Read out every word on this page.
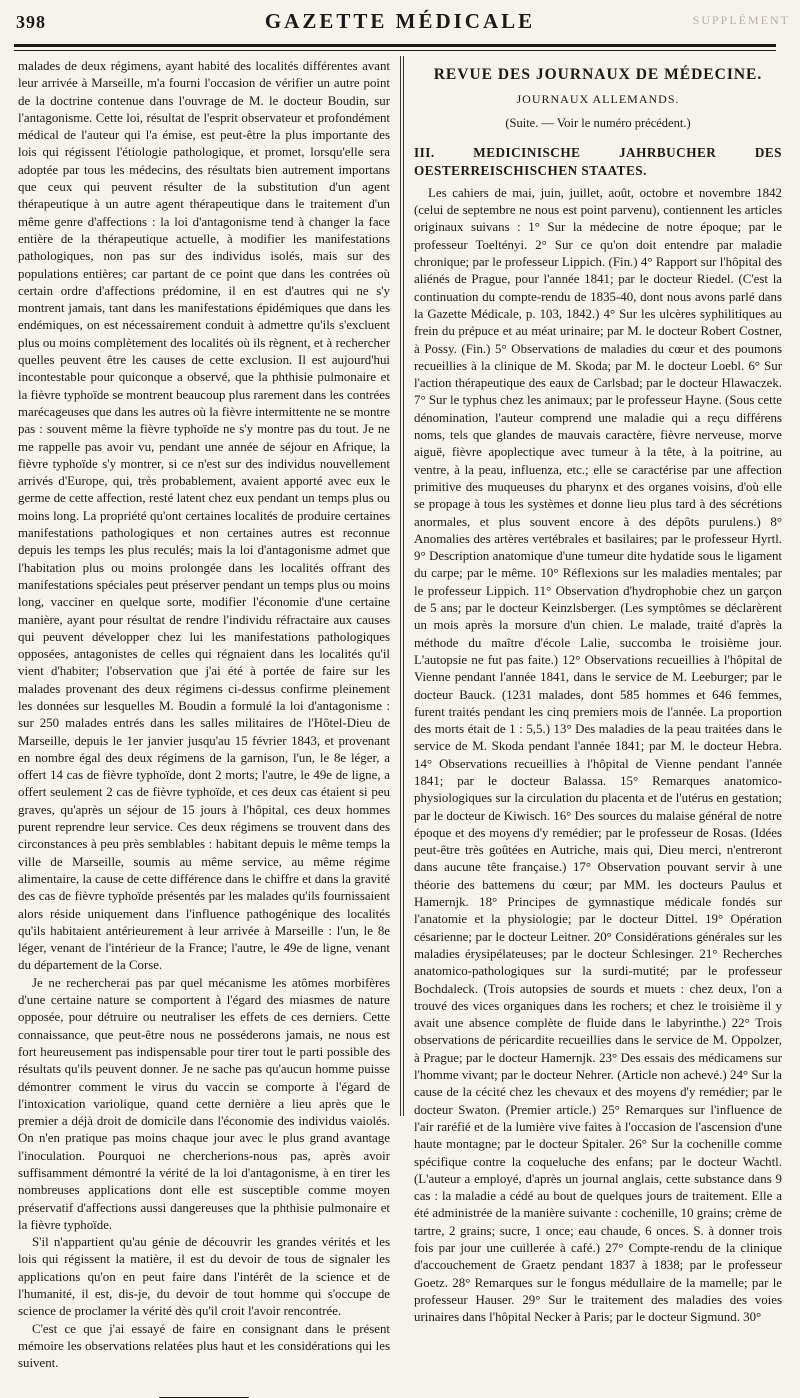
398	GAZETTE MÉDICALE	SUPPLÉMENT

malades de deux régimens, ayant habité des localités différentes avant leur arrivée à Marseille, m'a fourni l'occasion de vérifier un autre point de la doctrine contenue dans l'ouvrage de M. le docteur Boudin, sur l'antagonisme. Cette loi, résultat de l'esprit observateur et profondément médical de l'auteur qui l'a émise, est peut-être la plus importante des lois qui régissent l'étiologie pathologique, et promet, lorsqu'elle sera adoptée par tous les médecins, des résultats bien autrement importans que ceux qui peuvent résulter de la substitution d'un agent thérapeutique à un autre agent thérapeutique dans le traitement d'un même genre d'affections : la loi d'antagonisme tend à changer la face entière de la thérapeutique actuelle, à modifier les manifestations pathologiques, non pas sur des individus isolés, mais sur des populations entières; car partant de ce point que dans les contrées où certain ordre d'affections prédomine, il en est d'autres qui ne s'y montrent jamais, tant dans les manifestations épidémiques que dans les endémiques, on est nécessairement conduit à admettre qu'ils s'excluent plus ou moins complètement des localités où ils règnent, et à rechercher quelles peuvent être les causes de cette exclusion. Il est aujourd'hui incontestable pour quiconque a observé, que la phthisie pulmonaire et la fièvre typhoïde se montrent beaucoup plus rarement dans les contrées marécageuses que dans les autres où la fièvre intermittente ne se montre pas : souvent même la fièvre typhoïde ne s'y montre pas du tout. Je ne me rappelle pas avoir vu, pendant une année de séjour en Afrique, la fièvre typhoïde s'y montrer, si ce n'est sur des individus nouvellement arrivés d'Europe, qui, très probablement, avaient apporté avec eux le germe de cette affection, resté latent chez eux pendant un temps plus ou moins long. La propriété qu'ont certaines localités de produire certaines manifestations pathologiques et non certaines autres est reconnue depuis les temps les plus reculés; mais la loi d'antagonisme admet que l'habitation plus ou moins prolongée dans les localités offrant des manifestations spéciales peut préserver pendant un temps plus ou moins long, vacciner en quelque sorte, modifier l'économie d'une certaine manière, ayant pour résultat de rendre l'individu réfractaire aux causes qui peuvent développer chez lui les manifestations pathologiques opposées, antagonistes de celles qui régnaient dans les localités qu'il vient d'habiter; l'observation que j'ai été à portée de faire sur les malades provenant des deux régimens ci-dessus confirme pleinement les données sur lesquelles M. Boudin a formulé la loi d'antagonisme : sur 250 malades entrés dans les salles militaires de l'Hôtel-Dieu de Marseille, depuis le 1er janvier jusqu'au 15 février 1843, et provenant en nombre égal des deux régimens de la garnison, l'un, le 8e léger, a offert 14 cas de fièvre typhoïde, dont 2 morts; l'autre, le 49e de ligne, a offert seulement 2 cas de fièvre typhoïde, et ces deux cas étaient si peu graves, qu'après un séjour de 15 jours à l'hôpital, ces deux hommes purent reprendre leur service. Ces deux régimens se trouvent dans des circonstances à peu près semblables : habitant depuis le même temps la ville de Marseille, soumis au même service, au même régime alimentaire, la cause de cette différence dans le chiffre et dans la gravité des cas de fièvre typhoïde présentés par les malades qu'ils fournissaient alors réside uniquement dans l'influence pathogénique des localités qu'ils habitaient antérieurement à leur arrivée à Marseille : l'un, le 8e léger, venant de l'intérieur de la France; l'autre, le 49e de ligne, venant du département de la Corse.

Je ne rechercherai pas par quel mécanisme les atômes morbifères d'une certaine nature se comportent à l'égard des miasmes de nature opposée, pour détruire ou neutraliser les effets de ces derniers. Cette connaissance, que peut-être nous ne posséderons jamais, ne nous est fort heureusement pas indispensable pour tirer tout le parti possible des résultats qu'ils peuvent donner. Je ne sache pas qu'aucun homme puisse démontrer comment le virus du vaccin se comporte à l'égard de l'intoxication variolique, quand cette dernière a lieu après que le premier a déjà droit de domicile dans l'économie des individus vaiolés. On n'en pratique pas moins chaque jour avec le plus grand avantage l'inoculation. Pourquoi ne chercherions-nous pas, après avoir suffisamment démontré la vérité de la loi d'antagonisme, à en tirer les nombreuses applications dont elle est susceptible comme moyen préservatif d'affections aussi dangereuses que la phthisie pulmonaire et la fièvre typhoïde.

S'il n'appartient qu'au génie de découvrir les grandes vérités et les lois qui régissent la matière, il est du devoir de tous de signaler les applications qu'on en peut faire dans l'intérêt de la science et de l'humanité, il est, dis-je, du devoir de tout homme qui s'occupe de science de proclamer la vérité dès qu'il croit l'avoir rencontrée.

C'est ce que j'ai essayé de faire en consignant dans le présent mémoire les observations relatées plus haut et les considérations qui les suivent.

REVUE DES JOURNAUX DE MÉDECINE.
JOURNAUX ALLEMANDS.
(Suite. — Voir le numéro précédent.)
III. MEDICINISCHE JAHRBUCHER DES OESTERREISCHISCHEN STAATES.

Les cahiers de mai, juin, juillet, août, octobre et novembre 1842 (celui de septembre ne nous est point parvenu), contiennent les articles originaux suivans : 1° Sur la médecine de notre époque; par le professeur Toeltényi. 2° Sur ce qu'on doit entendre par maladie chronique; par le professeur Lippich. (Fin.) 4° Rapport sur l'hôpital des aliénés de Prague, pour l'année 1841; par le docteur Riedel. (C'est la continuation du compte-rendu de 1835-40, dont nous avons parlé dans la Gazette Médicale, p. 103, 1842.) 4° Sur les ulcères syphilitiques au frein du prépuce et au méat urinaire; par M. le docteur Robert Costner, à Possy. (Fin.) 5° Observations de maladies du cœur et des poumons recueillies à la clinique de M. Skoda; par M. le docteur Loebl. 6° Sur l'action thérapeutique des eaux de Carlsbad; par le docteur Hlawaczek. 7° Sur le typhus chez les animaux; par le professeur Hayne. (Sous cette dénomination, l'auteur comprend une maladie qui a reçu différens noms, tels que glandes de mauvais caractère, fièvre nerveuse, morve aiguë, fièvre apoplectique avec tumeur à la tête, à la poitrine, au ventre, à la peau, influenza, etc.; elle se caractérise par une affection primitive des muqueuses du pharynx et des organes voisins, d'où elle se propage à tous les systèmes et donne lieu plus tard à des sécrétions anormales, et plus souvent encore à des dépôts purulens.) 8° Anomalies des artères vertébrales et basilaires; par le professeur Hyrtl. 9° Description anatomique d'une tumeur dite hydatide sous le ligament du carpe; par le même. 10° Réflexions sur les maladies mentales; par le professeur Lippich. 11° Observation d'hydrophobie chez un garçon de 5 ans; par le docteur Keinzlsberger. (Les symptômes se déclarèrent un mois après la morsure d'un chien. Le malade, traité d'après la méthode du maître d'école Lalie, succomba le troisième jour. L'autopsie ne fut pas faite.) 12° Observations recueillies à l'hôpital de Vienne pendant l'année 1841, dans le service de M. Leeburger; par le docteur Bauck. (1231 malades, dont 585 hommes et 646 femmes, furent traités pendant les cinq premiers mois de l'année. La proportion des morts était de 1 : 5,5.) 13° Des maladies de la peau traitées dans le service de M. Skoda pendant l'année 1841; par M. le docteur Hebra. 14° Observations recueillies à l'hôpital de Vienne pendant l'année 1841; par le docteur Balassa. 15° Remarques anatomico-physiologiques sur la circulation du placenta et de l'utérus en gestation; par le docteur de Kiwisch. 16° Des sources du malaise général de notre époque et des moyens d'y remédier; par le professeur de Rosas. (Idées peut-être très goûtées en Autriche, mais qui, Dieu merci, n'entreront dans aucune tête française.) 17° Observation pouvant servir à une théorie des battemens du cœur; par MM. les docteurs Paulus et Hamernjk. 18° Principes de gymnastique médicale fondés sur l'anatomie et la physiologie; par le docteur Dittel. 19° Opération césarienne; par le docteur Leitner. 20° Considérations générales sur les maladies érysipélateuses; par le docteur Schlesinger. 21° Recherches anatomico-pathologiques sur la surdi-mutité; par le professeur Bochdaleck. (Trois autopsies de sourds et muets : chez deux, l'on a trouvé des vices organiques dans les rochers; et chez le troisième il y avait une absence complète de fluide dans le labyrinthe.) 22° Trois observations de péricardite recueillies dans le service de M. Oppolzer, à Prague; par le docteur Hamernjk. 23° Des essais des médicamens sur l'homme vivant; par le docteur Nehrer. (Article non achevé.) 24° Sur la cause de la cécité chez les chevaux et des moyens d'y remédier; par le docteur Swaton. (Premier article.) 25° Remarques sur l'influence de l'air raréfié et de la lumière vive faites à l'occasion de l'ascension d'une haute montagne; par le docteur Spitaler. 26° Sur la cochenille comme spécifique contre la coqueluche des enfans; par le docteur Wachtl. (L'auteur a employé, d'après un journal anglais, cette substance dans 9 cas : la maladie a cédé au bout de quelques jours de traitement. Elle a été administrée de la manière suivante : cochenille, 10 grains; crème de tartre, 2 grains; sucre, 1 once; eau chaude, 6 onces. S. à donner trois fois par jour une cuillerée à café.) 27° Compte-rendu de la clinique d'accouchement de Graetz pendant 1837 à 1838; par le professeur Goetz. 28° Remarques sur le fongus médullaire de la mamelle; par le professeur Hauser. 29° Sur le traitement des maladies des voies urinaires dans l'hôpital Necker à Paris; par le docteur Sigmund. 30°
